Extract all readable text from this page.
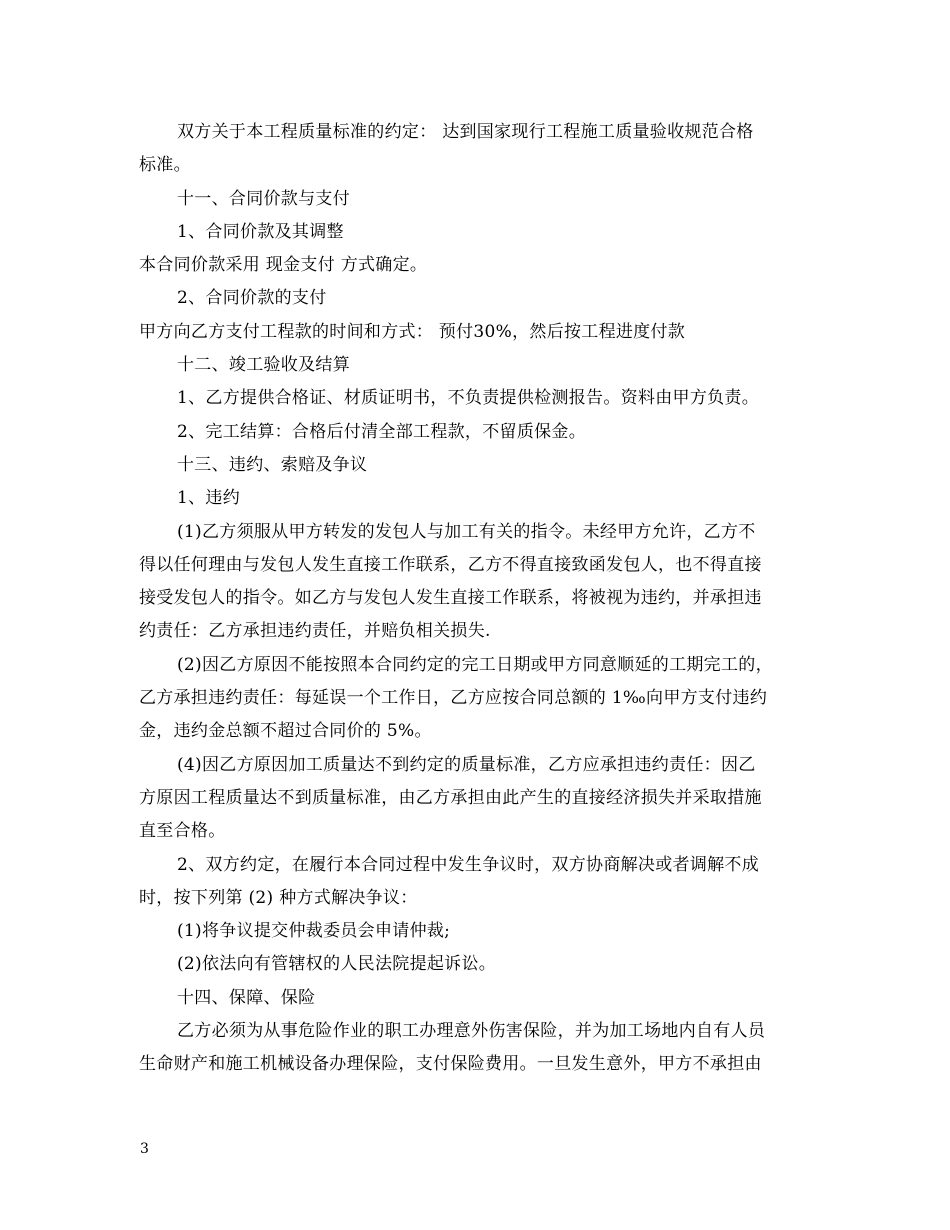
双方关于本工程质量标准的约定： 达到国家现行工程施工质量验收规范合格
标准。

十一、合同价款与支付

1、合同价款及其调整

本合同价款采用 现金支付 方式确定。

2、合同价款的支付

甲方向乙方支付工程款的时间和方式： 预付30%，然后按工程进度付款

十二、竣工验收及结算

1、乙方提供合格证、材质证明书，不负责提供检测报告。资料由甲方负责。

2、完工结算：合格后付清全部工程款，不留质保金。

十三、违约、索赔及争议

1、违约

(1)乙方须服从甲方转发的发包人与加工有关的指令。未经甲方允许，乙方不
得以任何理由与发包人发生直接工作联系，乙方不得直接致函发包人，也不得直接
接受发包人的指令。如乙方与发包人发生直接工作联系，将被视为违约，并承担违
约责任：乙方承担违约责任，并赔负相关损失.

(2)因乙方原因不能按照本合同约定的完工日期或甲方同意顺延的工期完工的，
乙方承担违约责任：每延误一个工作日，乙方应按合同总额的 1‰向甲方支付违约
金，违约金总额不超过合同价的 5%。

(4)因乙方原因加工质量达不到约定的质量标准，乙方应承担违约责任：因乙
方原因工程质量达不到质量标准，由乙方承担由此产生的直接经济损失并采取措施
直至合格。

2、双方约定，在履行本合同过程中发生争议时，双方协商解决或者调解不成
时，按下列第 (2) 种方式解决争议：

(1)将争议提交仲裁委员会申请仲裁;

(2)依法向有管辖权的人民法院提起诉讼。

十四、保障、保险

乙方必须为从事危险作业的职工办理意外伤害保险，并为加工场地内自有人员
生命财产和施工机械设备办理保险，支付保险费用。一旦发生意外，甲方不承担由

3
